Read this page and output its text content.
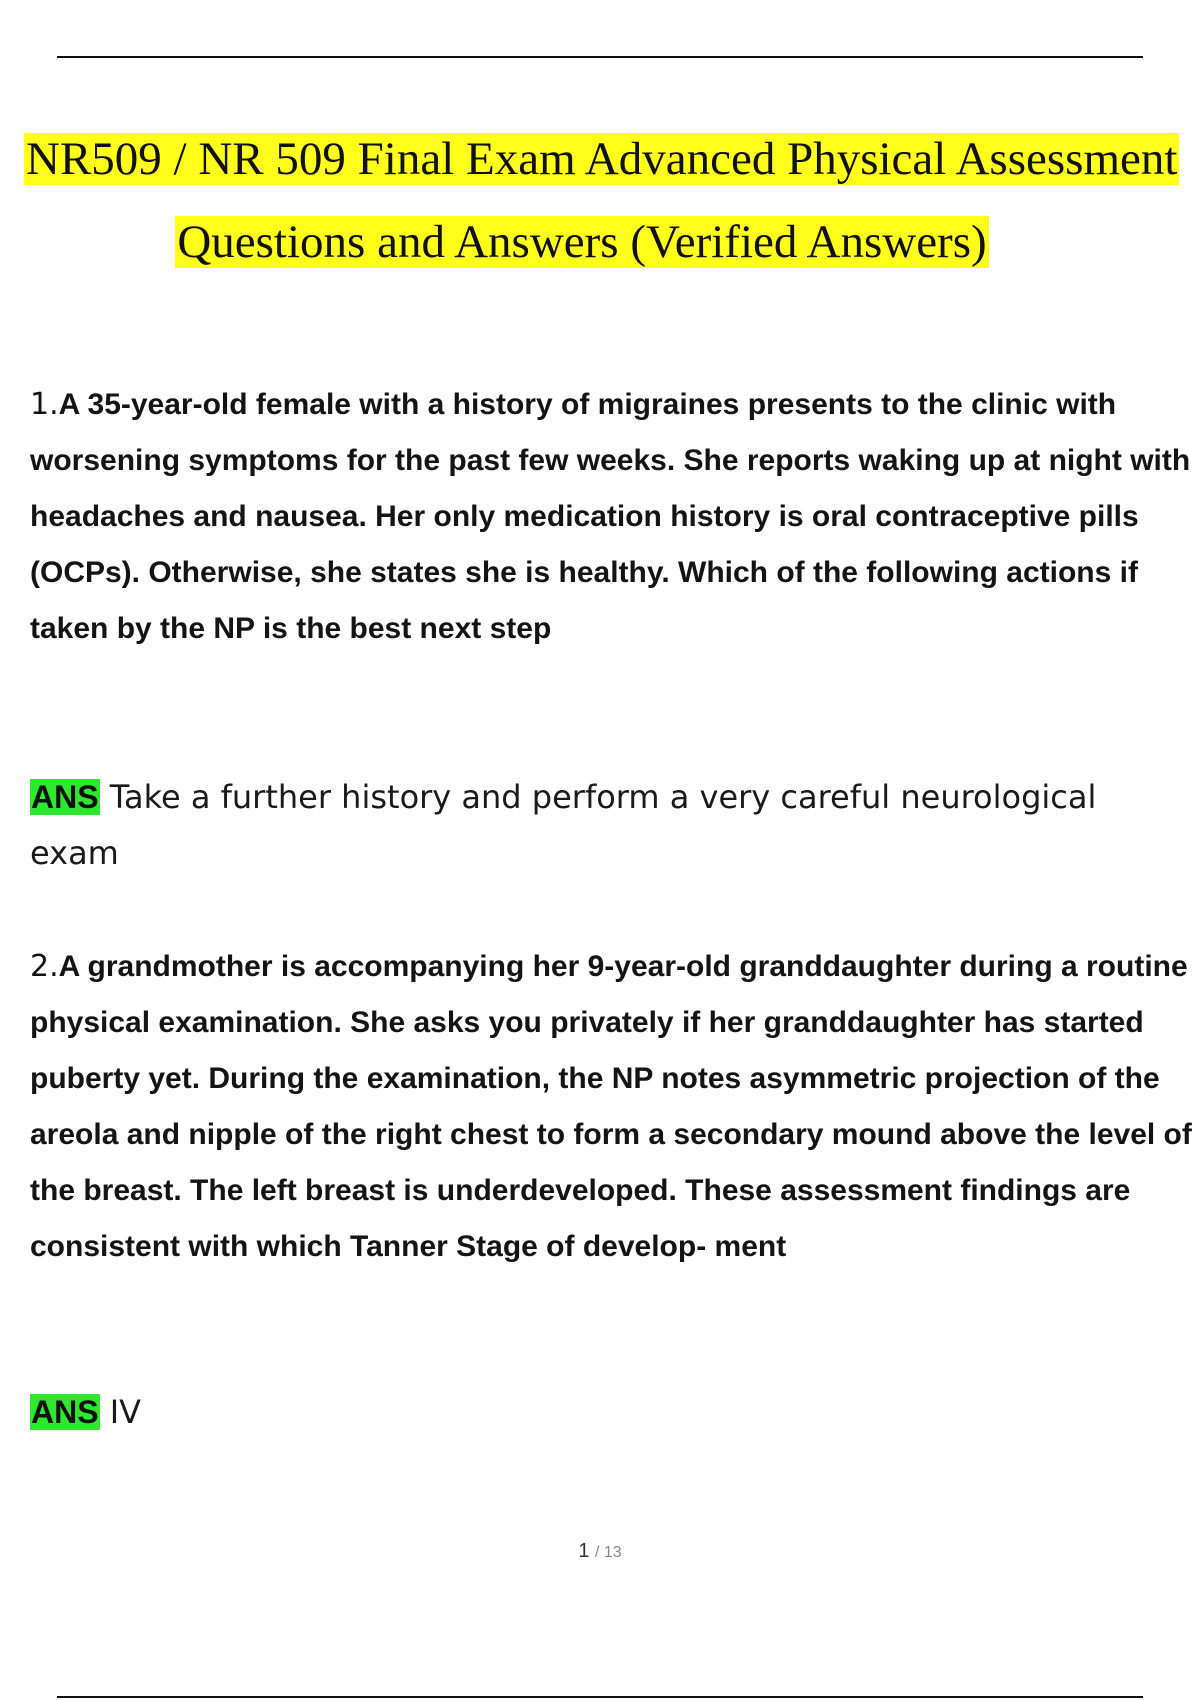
NR509 / NR 509 Final Exam Advanced Physical Assessment
Questions and Answers (Verified Answers)
1.A 35-year-old female with a history of migraines presents to the clinic with worsening symptoms for the past few weeks. She reports waking up at night with headaches and nausea. Her only medication history is oral contraceptive pills (OCPs). Otherwise, she states she is healthy. Which of the following actions if taken by the NP is the best next step
ANS Take a further history and perform a very careful neurological exam
2.A grandmother is accompanying her 9-year-old granddaughter during a routine physical examination. She asks you privately if her granddaughter has started puberty yet. During the examination, the NP notes asymmetric projection of the areola and nipple of the right chest to form a secondary mound above the level of the breast. The left breast is underdeveloped. These assessment findings are consistent with which Tanner Stage of develop- ment
ANS IV
1 / 13
